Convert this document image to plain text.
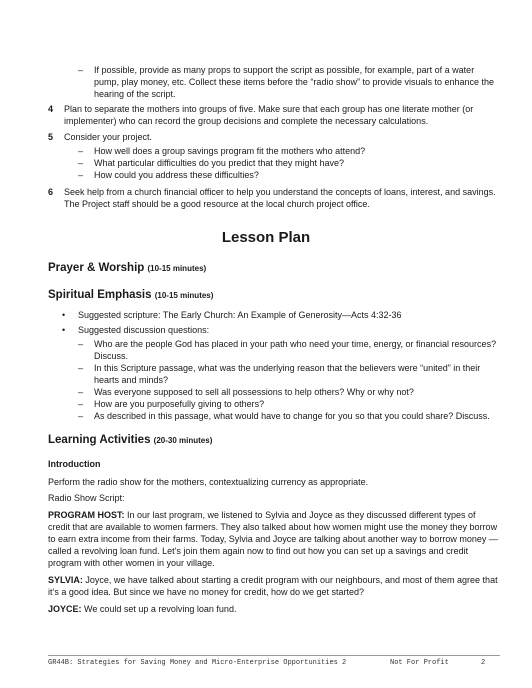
–	If possible, provide as many props to support the script as possible, for example, part of a water pump, play money, etc. Collect these items before the “radio show” to provide visuals to enhance the hearing of the script.
4	Plan to separate the mothers into groups of five. Make sure that each group has one literate mother (or implementer) who can record the group decisions and complete the necessary calculations.
5	Consider your project.
–	How well does a group savings program fit the mothers who attend?
–	What particular difficulties do you predict that they might have?
–	How could you address these difficulties?
6	Seek help from a church financial officer to help you understand the concepts of loans, interest, and savings. The Project staff should be a good resource at the local church project office.
Lesson Plan
Prayer & Worship (10-15 minutes)
Spiritual Emphasis (10-15 minutes)
•	Suggested scripture: The Early Church: An Example of Generosity—Acts 4:32-36
•	Suggested discussion questions:
–	Who are the people God has placed in your path who need your time, energy, or financial resources? Discuss.
–	In this Scripture passage, what was the underlying reason that the believers were “united” in their hearts and minds?
–	Was everyone supposed to sell all possessions to help others? Why or why not?
–	How are you purposefully giving to others?
–	As described in this passage, what would have to change for you so that you could share? Discuss.
Learning Activities (20-30 minutes)
Introduction
Perform the radio show for the mothers, contextualizing currency as appropriate.
Radio Show Script:
PROGRAM HOST: In our last program, we listened to Sylvia and Joyce as they discussed different types of credit that are available to women farmers. They also talked about how women might use the money they borrow to earn extra income from their farms. Today, Sylvia and Joyce are talking about another way to borrow money — called a revolving loan fund. Let’s join them again now to find out how you can set up a savings and credit program with other women in your village.
SYLVIA: Joyce, we have talked about starting a credit program with our neighbours, and most of them agree that it’s a good idea. But since we have no money for credit, how do we get started?
JOYCE: We could set up a revolving loan fund.
GR44B: Strategies for Saving Money and Micro-Enterprise Opportunities 2	Not For Profit	2
